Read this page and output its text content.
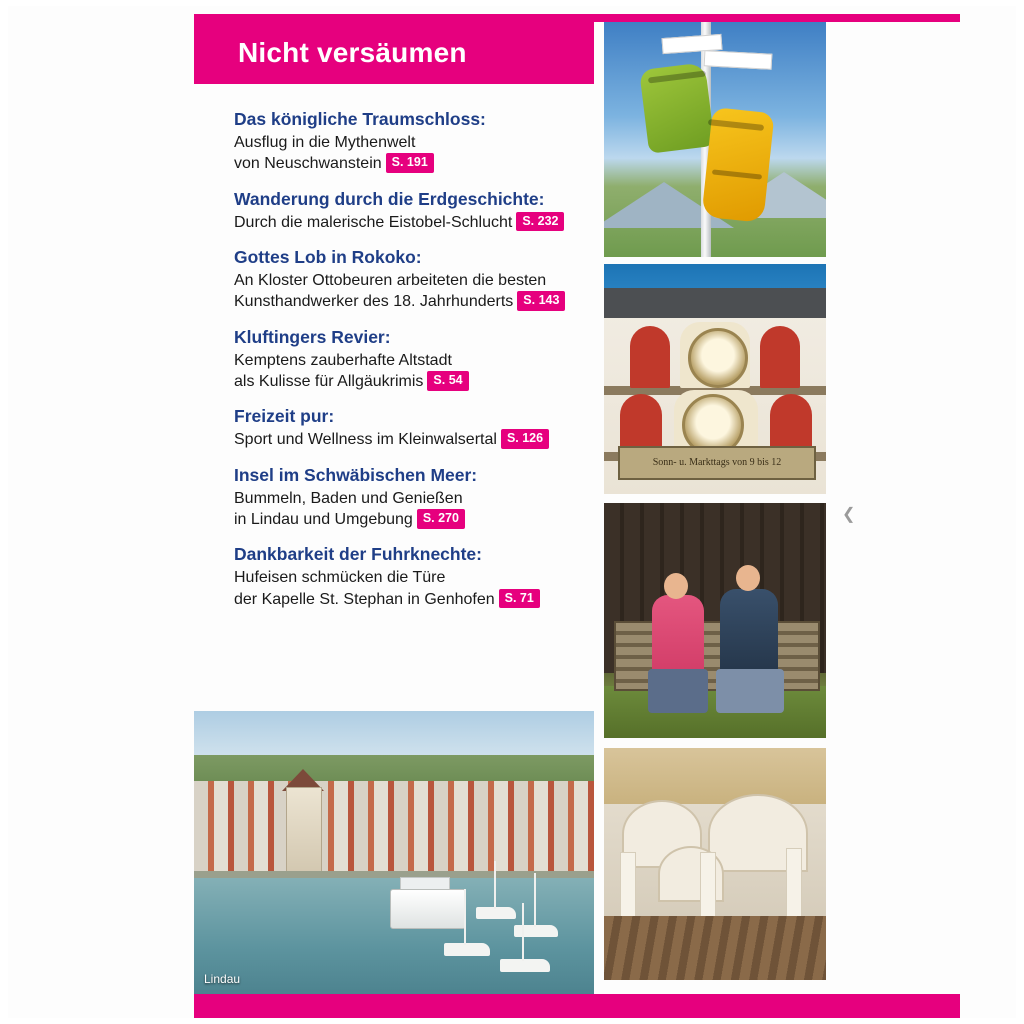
Nicht versäumen
Das königliche Traumschloss:
Ausflug in die Mythenwelt
von Neuschwanstein S. 191
Wanderung durch die Erdgeschichte:
Durch die malerische Eistobel-Schlucht S. 232
Gottes Lob in Rokoko:
An Kloster Ottobeuren arbeiteten die besten
Kunsthandwerker des 18. Jahrhunderts S. 143
Kluftingers Revier:
Kemptens zauberhafte Altstadt
als Kulisse für Allgäukrimis S. 54
Freizeit pur:
Sport und Wellness im Kleinwalsertal S. 126
Insel im Schwäbischen Meer:
Bummeln, Baden und Genießen
in Lindau und Umgebung S. 270
Dankbarkeit der Fuhrknechte:
Hufeisen schmücken die Türe
der Kapelle St. Stephan in Genhofen S. 71
Sonn- u. Markttags von 9 bis 12
Lindau
❮
